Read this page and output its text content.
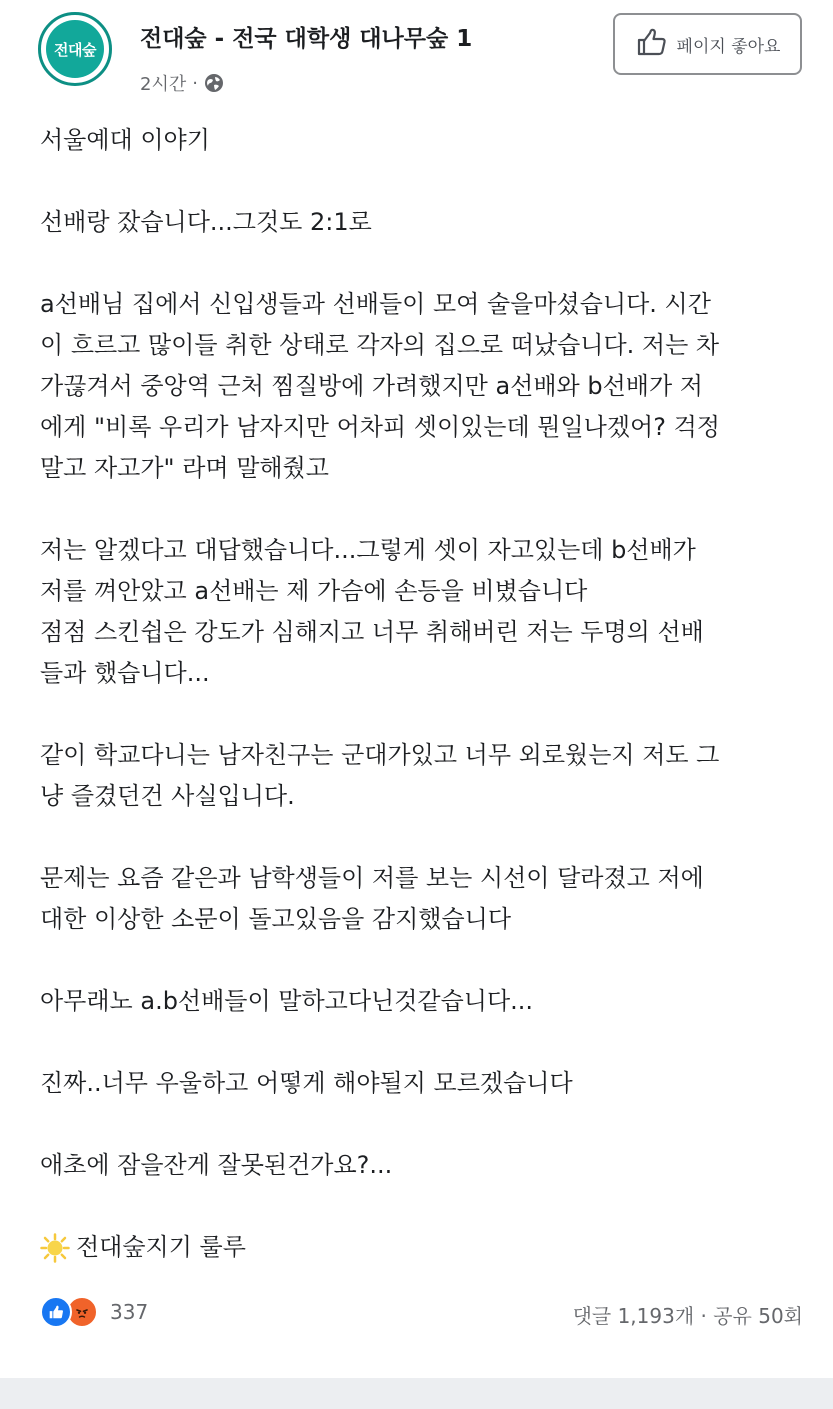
전대숲	전대숲 - 전국 대학생 대나무숲 1
2시간 ·
페이지 좋아요

서울예대 이야기

선배랑 잤습니다...그것도 2:1로

a선배님 집에서 신입생들과 선배들이 모여 술을마셨습니다. 시간
이 흐르고 많이들 취한 상태로 각자의 집으로 떠났습니다. 저는 차
가끊겨서 중앙역 근처 찜질방에 가려했지만 a선배와 b선배가 저
에게 "비록 우리가 남자지만 어차피 셋이있는데 뭔일나겠어? 걱정
말고 자고가" 라며 말해줬고

저는 알겠다고 대답했습니다...그렇게 셋이 자고있는데 b선배가
저를 껴안았고 a선배는 제 가슴에 손등을 비볐습니다
점점 스킨쉽은 강도가 심해지고 너무 취해버린 저는 두명의 선배
들과 했습니다...

같이 학교다니는 남자친구는 군대가있고 너무 외로웠는지 저도 그
냥 즐겼던건 사실입니다.

문제는 요즘 같은과 남학생들이 저를 보는 시선이 달라졌고 저에
대한 이상한 소문이 돌고있음을 감지했습니다

아무래노 a.b선배들이 말하고다닌것같습니다...

진짜..너무 우울하고 어떻게 해야될지 모르겠습니다

애초에 잠을잔게 잘못된건가요?...

전대숲지기 룰루
337	댓글 1,193개 · 공유 50회
